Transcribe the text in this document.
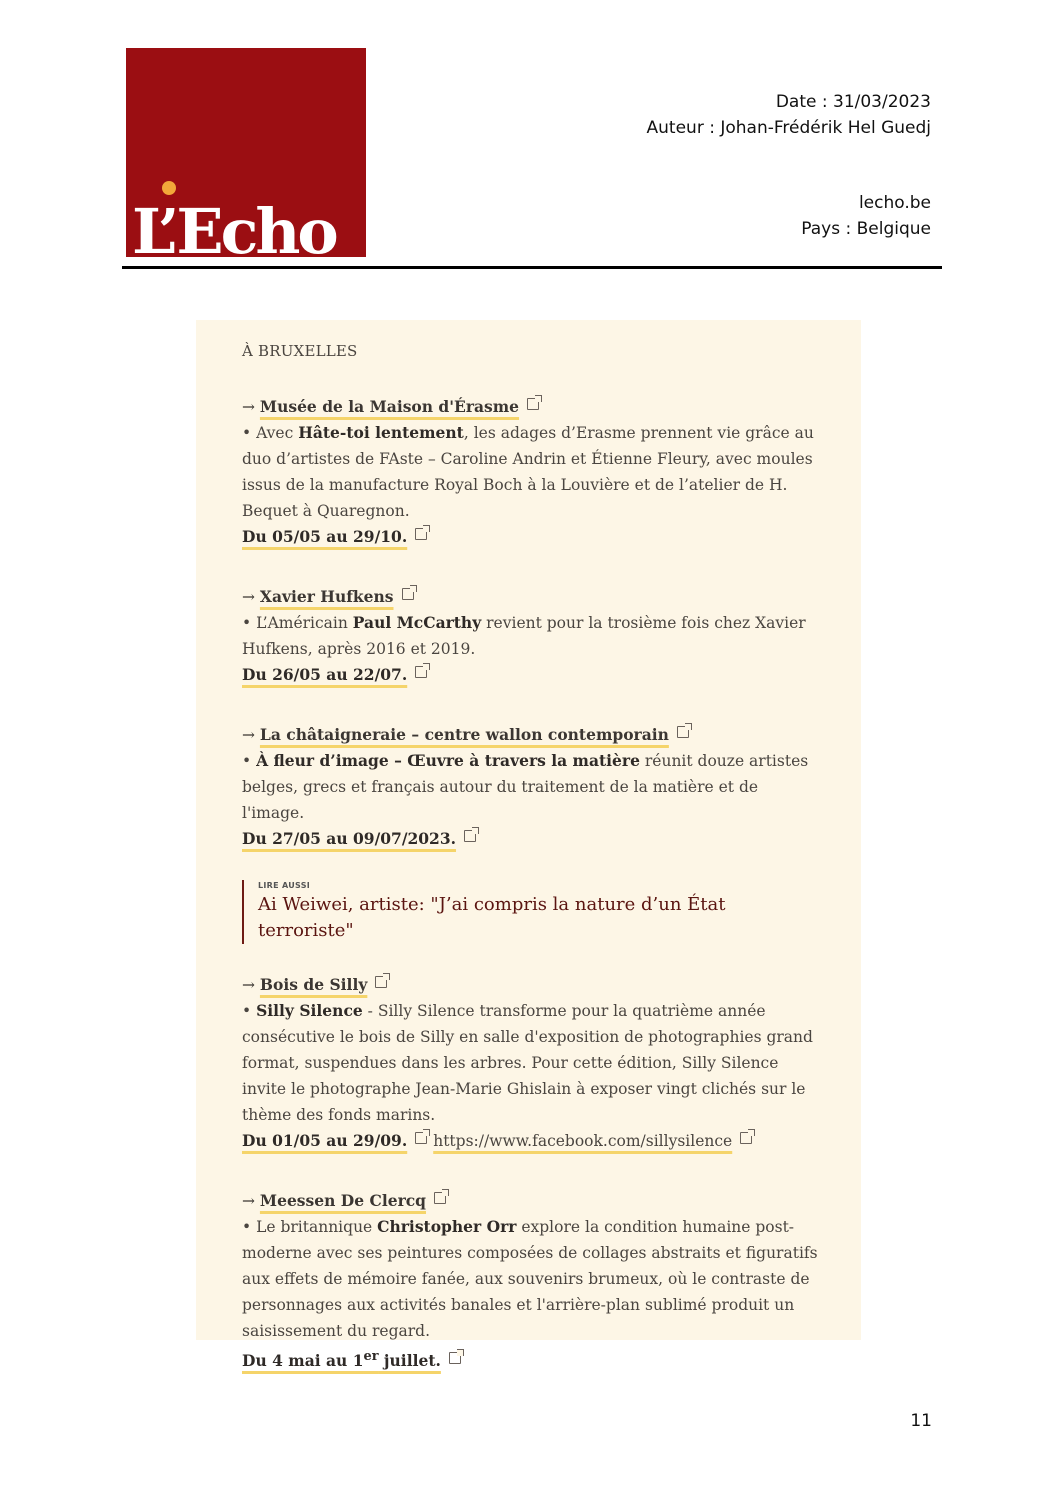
L’Echo
Date : 31/03/2023
Auteur : Johan-Frédérik Hel Guedj
lecho.be
Pays : Belgique
À BRUXELLES
→ Musée de la Maison d'Érasme

• Avec Hâte-toi lentement, les adages d’Erasme prennent vie grâce au duo d’artistes de FAste – Caroline Andrin et Étienne Fleury, avec moules issus de la manufacture Royal Boch à la Louvière et de l’atelier de H. Bequet à Quaregnon.

Du 05/05 au 29/10.
→ Xavier Hufkens

• L’Américain Paul McCarthy revient pour la trosième fois chez Xavier Hufkens, après 2016 et 2019.

Du 26/05 au 22/07.
→ La châtaigneraie – centre wallon contemporain

• À fleur d’image – Œuvre à travers la matière réunit douze artistes belges, grecs et français autour du traitement de la matière et de l'image.

Du 27/05 au 09/07/2023.
LIRE AUSSI
Ai Weiwei, artiste: "J’ai compris la nature d’un État terroriste"
→ Bois de Silly

• Silly Silence - Silly Silence transforme pour la quatrième année consécutive le bois de Silly en salle d'exposition de photographies grand format, suspendues dans les arbres. Pour cette édition, Silly Silence invite le photographe Jean-Marie Ghislain à exposer vingt clichés sur le thème des fonds marins.

Du 01/05 au 29/09. https://www.facebook.com/sillysilence
→ Meessen De Clercq

• Le britannique Christopher Orr explore la condition humaine post-moderne avec ses peintures composées de collages abstraits et figuratifs aux effets de mémoire fanée, aux souvenirs brumeux, où le contraste de personnages aux activités banales et l'arrière-plan sublimé produit un saisissement du regard.

Du 4 mai au 1er juillet.
11
